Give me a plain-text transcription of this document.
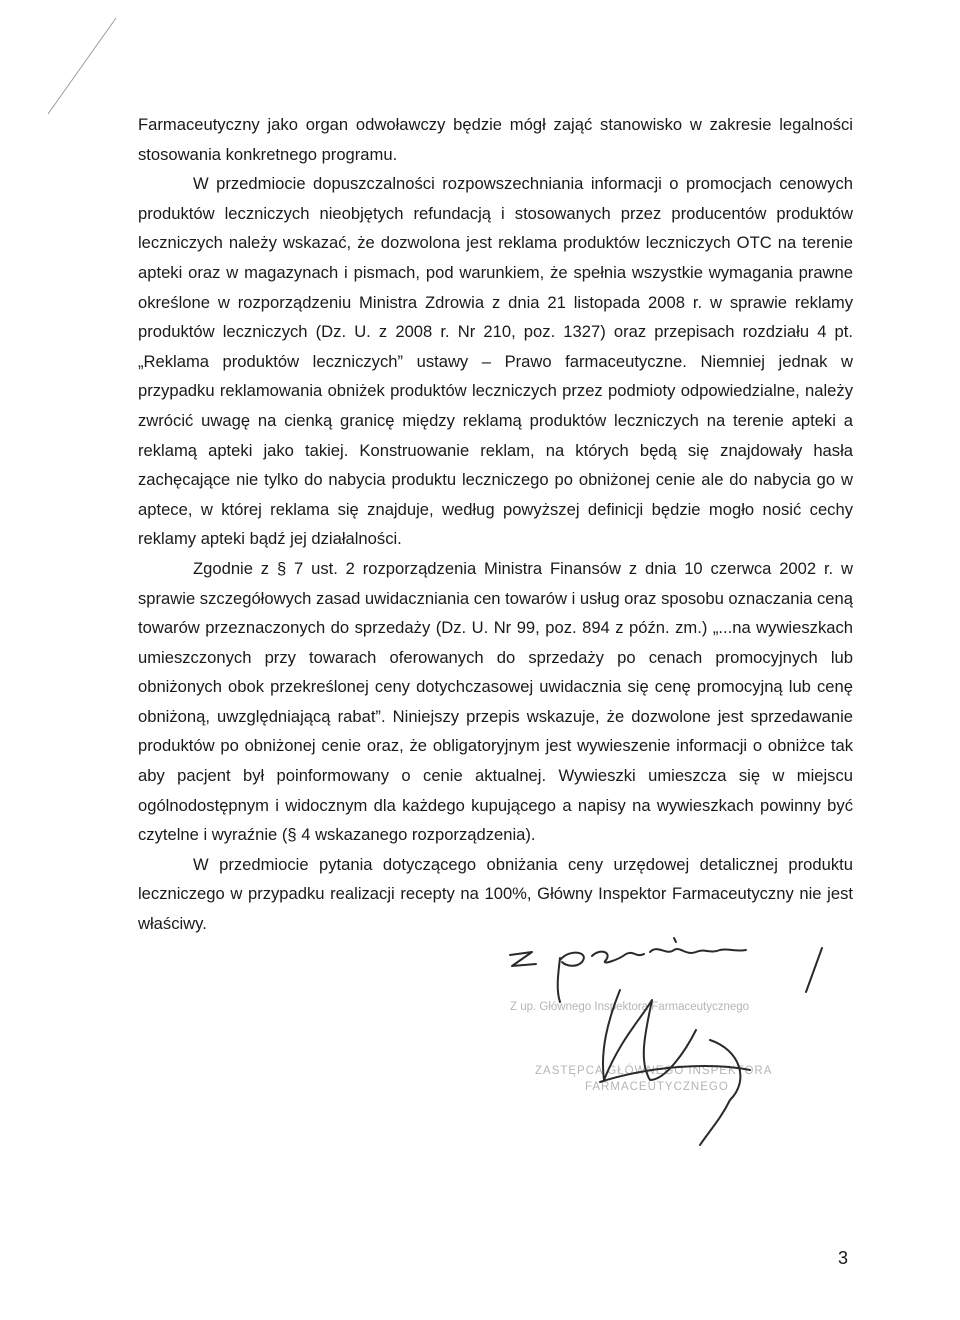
Farmaceutyczny jako organ odwoławczy będzie mógł zająć stanowisko w zakresie legalności stosowania konkretnego programu.

W przedmiocie dopuszczalności rozpowszechniania informacji o promocjach cenowych produktów leczniczych nieobjętych refundacją i stosowanych przez producentów produktów leczniczych należy wskazać, że dozwolona jest reklama produktów leczniczych OTC na terenie apteki oraz w magazynach i pismach, pod warunkiem, że spełnia wszystkie wymagania prawne określone w rozporządzeniu Ministra Zdrowia z dnia 21 listopada 2008 r. w sprawie reklamy produktów leczniczych (Dz. U. z 2008 r. Nr 210, poz. 1327) oraz przepisach rozdziału 4 pt. „Reklama produktów leczniczych” ustawy – Prawo farmaceutyczne. Niemniej jednak w przypadku reklamowania obniżek produktów leczniczych przez podmioty odpowiedzialne, należy zwrócić uwagę na cienką granicę między reklamą produktów leczniczych na terenie apteki a reklamą apteki jako takiej. Konstruowanie reklam, na których będą się znajdowały hasła zachęcające nie tylko do nabycia produktu leczniczego po obniżonej cenie ale do nabycia go w aptece, w której reklama się znajduje, według powyższej definicji będzie mogło nosić cechy reklamy apteki bądź jej działalności.

Zgodnie z § 7 ust. 2 rozporządzenia Ministra Finansów z dnia 10 czerwca 2002 r. w sprawie szczegółowych zasad uwidaczniania cen towarów i usług oraz sposobu oznaczania ceną towarów przeznaczonych do sprzedaży (Dz. U. Nr 99, poz. 894 z późn. zm.) „...na wywieszkach umieszczonych przy towarach oferowanych do sprzedaży po cenach promocyjnych lub obniżonych obok przekreślonej ceny dotychczasowej uwidacznia się cenę promocyjną lub cenę obniżoną, uwzględniającą rabat”. Niniejszy przepis wskazuje, że dozwolone jest sprzedawanie produktów po obniżonej cenie oraz, że obligatoryjnym jest wywieszenie informacji o obniżce tak aby pacjent był poinformowany o cenie aktualnej. Wywieszki umieszcza się w miejscu ogólnodostępnym i widocznym dla każdego kupującego a napisy na wywieszkach powinny być czytelne i wyraźnie (§ 4 wskazanego rozporządzenia).

W przedmiocie pytania dotyczącego obniżania ceny urzędowej detalicznej produktu leczniczego w przypadku realizacji recepty na 100%, Główny Inspektor Farmaceutyczny nie jest właściwy.

Z up. Głównego Inspektora Farmaceutycznego
ZASTĘPCA GŁÓWNEGO INSPEKTORA
FARMACEUTYCZNEGO
3
